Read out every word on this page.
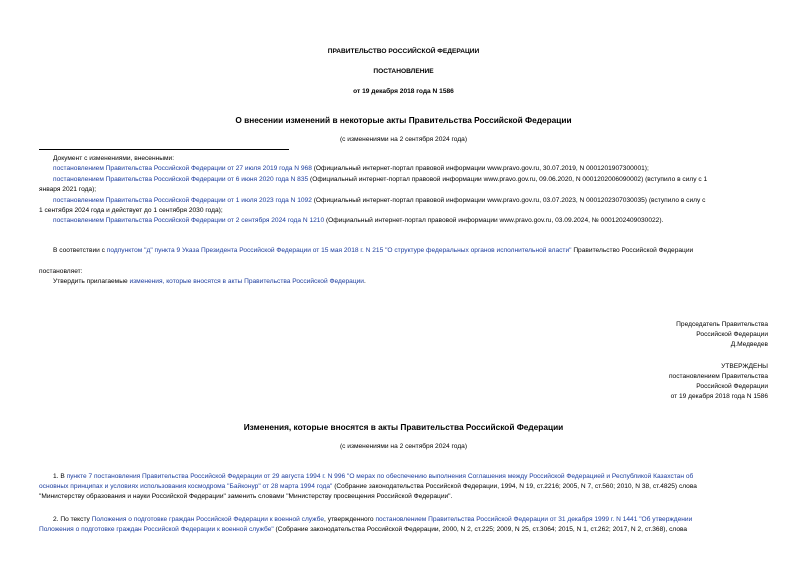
ПРАВИТЕЛЬСТВО РОССИЙСКОЙ ФЕДЕРАЦИИ
ПОСТАНОВЛЕНИЕ
от 19 декабря 2018 года N 1586
О внесении изменений в некоторые акты Правительства Российской Федерации
(с изменениями на 2 сентября 2024 года)
Документ с изменениями, внесенными:
постановлением Правительства Российской Федерации от 27 июля 2019 года N 968 (Официальный интернет-портал правовой информации www.pravo.gov.ru, 30.07.2019, N 0001201907300001);
постановлением Правительства Российской Федерации от 6 июня 2020 года N 835 (Официальный интернет-портал правовой информации www.pravo.gov.ru, 09.06.2020, N 0001202006090002) (вступило в силу с 1
января 2021 года);
постановлением Правительства Российской Федерации от 1 июля 2023 года N 1092 (Официальный интернет-портал правовой информации www.pravo.gov.ru, 03.07.2023, N 0001202307030035) (вступило в силу с
1 сентября 2024 года и действует до 1 сентября 2030 года);
постановлением Правительства Российской Федерации от 2 сентября 2024 года N 1210 (Официальный интернет-портал правовой информации www.pravo.gov.ru, 03.09.2024, № 0001202409030022).
В соответствии с подпунктом "д" пункта 9 Указа Президента Российской Федерации от 15 мая 2018 г. N 215 "О структуре федеральных органов исполнительной власти" Правительство Российской Федерации
постановляет:
Утвердить прилагаемые изменения, которые вносятся в акты Правительства Российской Федерации.
Председатель Правительства
Российской Федерации
Д.Медведев
УТВЕРЖДЕНЫ
постановлением Правительства
Российской Федерации
от 19 декабря 2018 года N 1586
Изменения, которые вносятся в акты Правительства Российской Федерации
(с изменениями на 2 сентября 2024 года)
1. В пункте 7 постановления Правительства Российской Федерации от 29 августа 1994 г. N 996 "О мерах по обеспечению выполнения Соглашения между Российской Федерацией и Республикой Казахстан об
основных принципах и условиях использования космодрома "Байконур" от 28 марта 1994 года" (Собрание законодательства Российской Федерации, 1994, N 19, ст.2216; 2005, N 7, ст.560; 2010, N 38, ст.4825) слова
"Министерству образования и науки Российской Федерации" заменить словами "Министерству просвещения Российской Федерации".
2. По тексту Положения о подготовке граждан Российской Федерации к военной службе, утвержденного постановлением Правительства Российской Федерации от 31 декабря 1999 г. N 1441 "Об утверждении
Положения о подготовке граждан Российской Федерации к военной службе" (Собрание законодательства Российской Федерации, 2000, N 2, ст.225; 2009, N 25, ст.3064; 2015, N 1, ст.262; 2017, N 2, ст.368), слова
